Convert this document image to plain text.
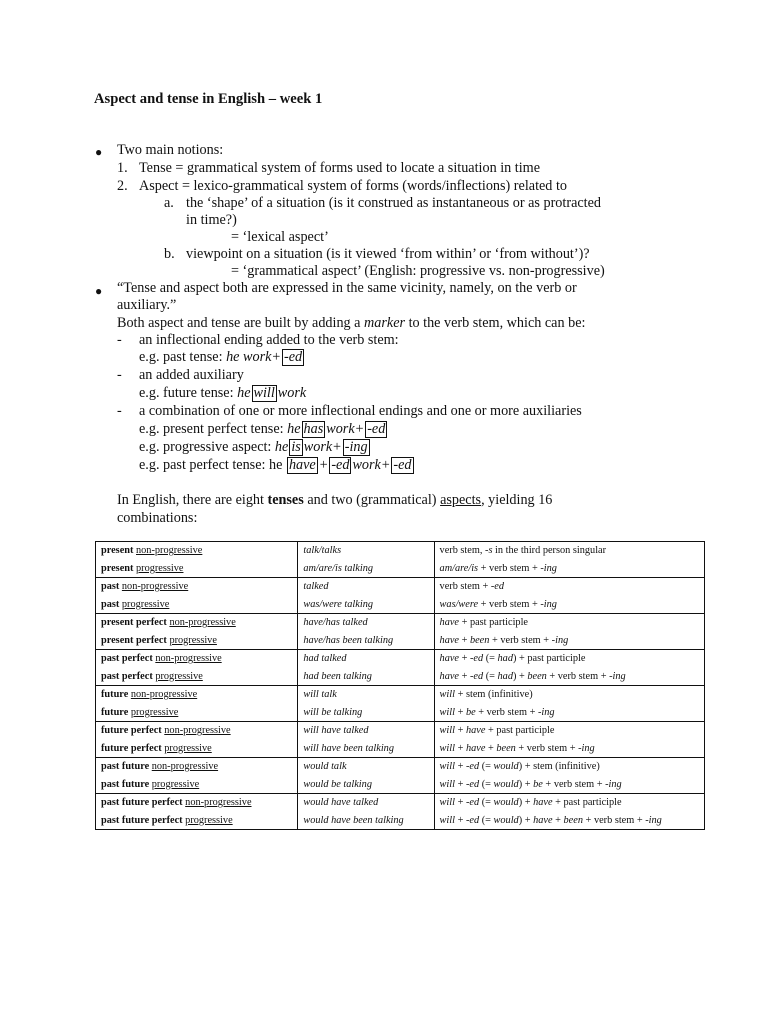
Aspect and tense in English – week 1
● Two main notions:
1. Tense = grammatical system of forms used to locate a situation in time
2. Aspect = lexico-grammatical system of forms (words/inflections) related to
a. the ‘shape’ of a situation (is it construed as instantaneous or as protracted
in time?)
= ‘lexical aspect’
b. viewpoint on a situation (is it viewed ‘from within’ or ‘from without’)?
= ‘grammatical aspect’ (English: progressive vs. non-progressive)
● “Tense and aspect both are expressed in the same vicinity, namely, on the verb or
auxiliary.”
Both aspect and tense are built by adding a marker to the verb stem, which can be:
- an inflectional ending added to the verb stem:
e.g. past tense: he work+ -ed
- an added auxiliary
e.g. future tense: he will work
- a combination of one or more inflectional endings and one or more auxiliaries
e.g. present perfect tense: he has work+ -ed
e.g. progressive aspect: he is work+ -ing
e.g. past perfect tense: he have + -ed work+ -ed
In English, there are eight tenses and two (grammatical) aspects, yielding 16
combinations:
present non-progressive	talk/talks	verb stem, -s in the third person singular
present progressive	am/are/is talking	am/are/is + verb stem + -ing
past non-progressive	talked	verb stem + -ed
past progressive	was/were talking	was/were + verb stem + -ing
present perfect non-progressive	have/has talked	have + past participle
present perfect progressive	have/has been talking	have + been + verb stem + -ing
past perfect non-progressive	had talked	have + -ed (= had) + past participle
past perfect progressive	had been talking	have + -ed (= had) + been + verb stem + -ing
future non-progressive	will talk	will + stem (infinitive)
future progressive	will be talking	will + be + verb stem + -ing
future perfect non-progressive	will have talked	will + have + past participle
future perfect progressive	will have been talking	will + have + been + verb stem + -ing
past future non-progressive	would talk	will + -ed (= would) + stem (infinitive)
past future progressive	would be talking	will + -ed (= would) + be + verb stem + -ing
past future perfect non-progressive	would have talked	will + -ed (= would) + have + past participle
past future perfect progressive	would have been talking	will + -ed (= would) + have + been + verb stem + -ing
